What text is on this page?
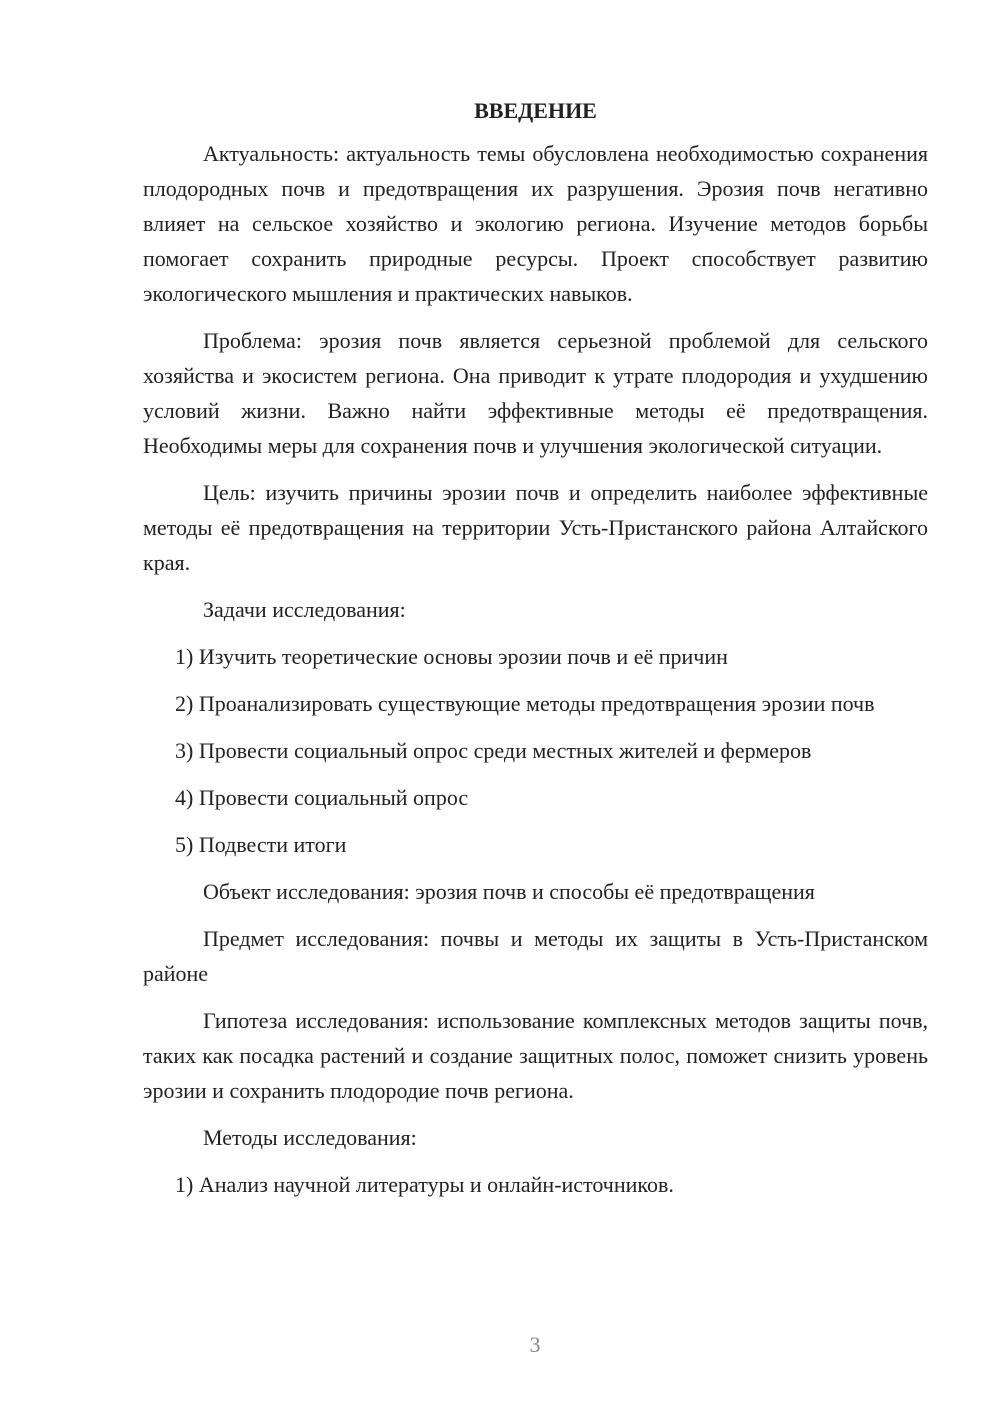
ВВЕДЕНИЕ

Актуальность: актуальность темы обусловлена необходимостью сохранения плодородных почв и предотвращения их разрушения. Эрозия почв негативно влияет на сельское хозяйство и экологию региона. Изучение методов борьбы помогает сохранить природные ресурсы. Проект способствует развитию экологического мышления и практических навыков.

Проблема: эрозия почв является серьезной проблемой для сельского хозяйства и экосистем региона. Она приводит к утрате плодородия и ухудшению условий жизни. Важно найти эффективные методы её предотвращения. Необходимы меры для сохранения почв и улучшения экологической ситуации.

Цель: изучить причины эрозии почв и определить наиболее эффективные методы её предотвращения на территории Усть-Пристанского района Алтайского края.

Задачи исследования:

1) Изучить теоретические основы эрозии почв и её причин

2) Проанализировать существующие методы предотвращения эрозии почв

3) Провести социальный опрос среди местных жителей и фермеров

4) Провести социальный опрос

5) Подвести итоги

Объект исследования: эрозия почв и способы её предотвращения

Предмет исследования: почвы и методы их защиты в Усть-Пристанском районе

Гипотеза исследования: использование комплексных методов защиты почв, таких как посадка растений и создание защитных полос, поможет снизить уровень эрозии и сохранить плодородие почв региона.

Методы исследования:

1) Анализ научной литературы и онлайн-источников.

3
